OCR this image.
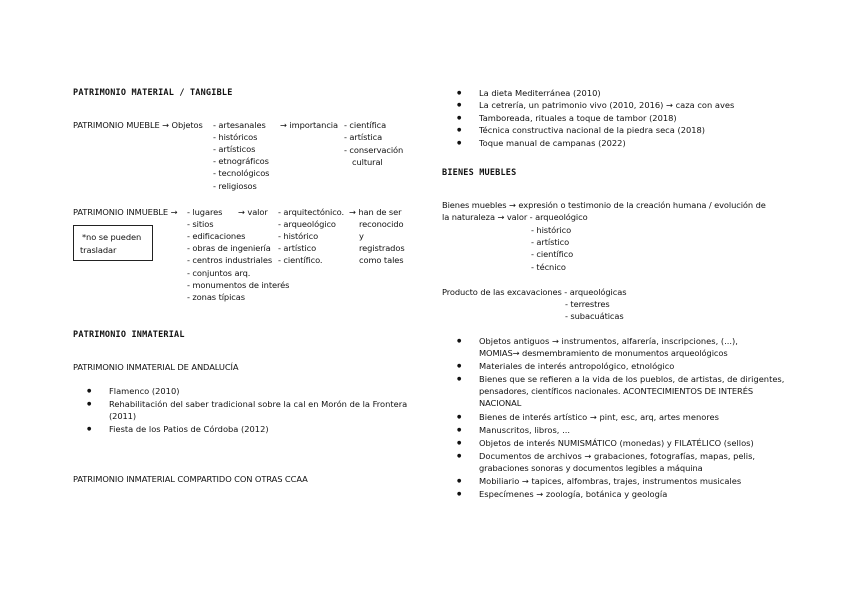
PATRIMONIO MATERIAL / TANGIBLE
PATRIMONIO MUEBLE → Objetos - artesanales
- históricos
- artísticos
- etnográficos
- tecnológicos
- religiosos
→ importancia - científica
- artística
- conservación
cultural
PATRIMONIO INMUEBLE → - lugares
- sitios
- edificaciones
- obras de ingeniería
- centros industriales
- conjuntos arq.
- monumentos de interés
- zonas típicas
→ valor - arquitectónico.
- arqueológico
- histórico
- artístico
- científico.
→ han de ser
reconocido
y
registrados
como tales
*no se pueden
trasladar
PATRIMONIO INMATERIAL
PATRIMONIO INMATERIAL DE ANDALUCÍA
● Flamenco (2010)
● Rehabilitación del saber tradicional sobre la cal en Morón de la Frontera
(2011)
● Fiesta de los Patios de Córdoba (2012)
PATRIMONIO INMATERIAL COMPARTIDO CON OTRAS CCAA
● La dieta Mediterránea (2010)
● La cetrería, un patrimonio vivo (2010, 2016) → caza con aves
● Tamboreada, rituales a toque de tambor (2018)
● Técnica constructiva nacional de la piedra seca (2018)
● Toque manual de campanas (2022)
BIENES MUEBLES
Bienes muebles → expresión o testimonio de la creación humana / evolución de
la naturaleza → valor - arqueológico
- histórico
- artístico
- científico
- técnico
Producto de las excavaciones - arqueológicas
- terrestres
- subacuáticas
● Objetos antiguos → instrumentos, alfarería, inscripciones, (...),
MOMIAS→ desmembramiento de monumentos arqueológicos
● Materiales de interés antropológico, etnológico
● Bienes que se refieren a la vida de los pueblos, de artistas, de dirigentes,
pensadores, científicos nacionales. ACONTECIMIENTOS DE INTERÉS
NACIONAL
● Bienes de interés artístico → pint, esc, arq, artes menores
● Manuscritos, libros, ...
● Objetos de interés NUMISMÁTICO (monedas) y FILATÉLICO (sellos)
● Documentos de archivos → grabaciones, fotografías, mapas, pelis,
grabaciones sonoras y documentos legibles a máquina
● Mobiliario → tapices, alfombras, trajes, instrumentos musicales
● Especímenes → zoología, botánica y geología
